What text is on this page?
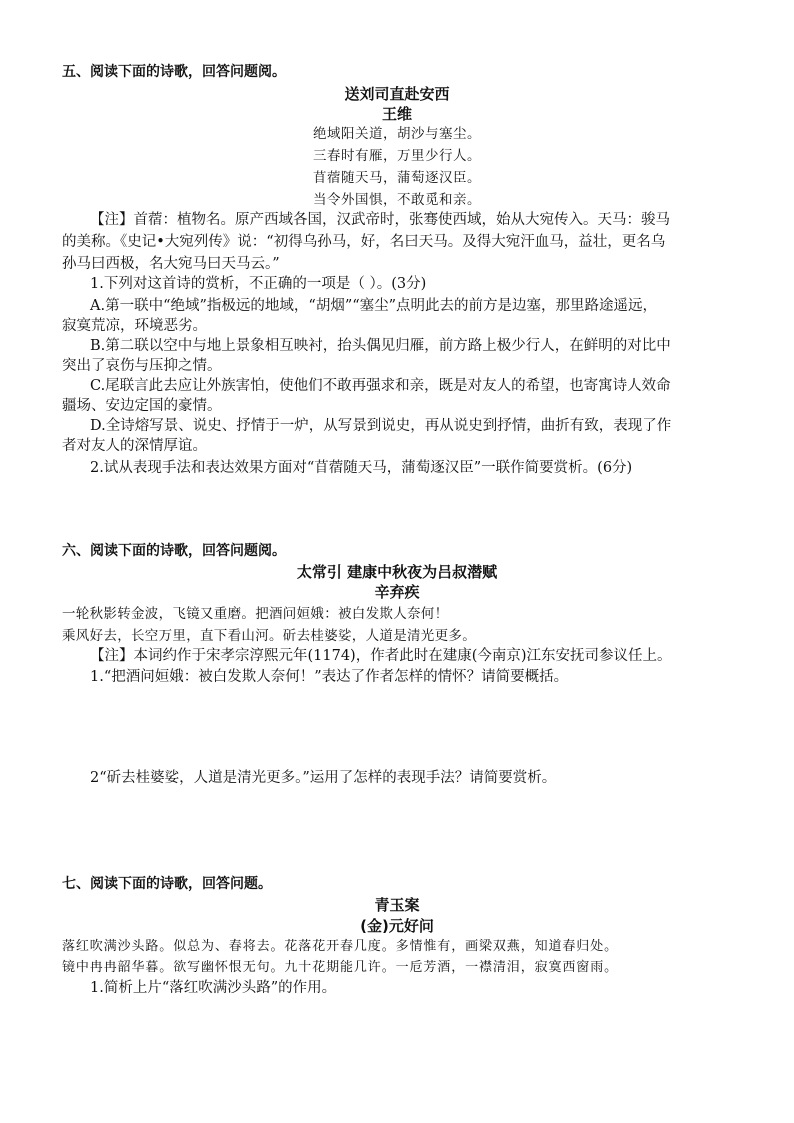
五、阅读下面的诗歌，回答问题阅。
送刘司直赴安西
王维
绝域阳关道，胡沙与塞尘。
三春时有雁，万里少行人。
苜蓿随天马，蒲萄逐汉臣。
当令外国惧，不敢觅和亲。
【注】首蓿：植物名。原产西域各国，汉武帝时，张骞使西域，始从大宛传入。天马：骏马
的美称。《史记•大宛列传》说：“初得乌孙马，好，名曰天马。及得大宛汗血马，益壮，更名乌
孙马曰西极，名大宛马曰天马云。”
1.下列对这首诗的赏析，不正确的一项是（ ）。(3分)
A.第一联中“绝域”指极远的地域，“胡烟”“塞尘”点明此去的前方是边塞，那里路途遥远，
寂寞荒凉，环境恶劣。
B.第二联以空中与地上景象相互映衬，抬头偶见归雁，前方路上极少行人，在鲜明的对比中
突出了哀伤与压抑之情。
C.尾联言此去应让外族害怕，使他们不敢再强求和亲，既是对友人的希望，也寄寓诗人效命
疆场、安边定国的豪情。
D.全诗熔写景、说史、抒情于一炉，从写景到说史，再从说史到抒情，曲折有致，表现了作
者对友人的深情厚谊。
2.试从表现手法和表达效果方面对“苜蓿随天马，蒲萄逐汉臣”一联作简要赏析。(6分)
六、阅读下面的诗歌，回答问题阅。
太常引 建康中秋夜为吕叔潜赋
辛弃疾
一轮秋影转金波，飞镜又重磨。把酒问姮娥：被白发欺人奈何！
乘风好去，长空万里，直下看山河。斫去桂婆娑，人道是清光更多。
【注】本词约作于宋孝宗淳熙元年(1174)，作者此时在建康(今南京)江东安抚司参议任上。
1.“把酒问姮娥：被白发欺人奈何！”表达了作者怎样的情怀？请简要概括。
2“斫去桂婆娑，人道是清光更多。”运用了怎样的表现手法？请简要赏析。
七、阅读下面的诗歌，回答问题。
青玉案
(金)元好问
落红吹满沙头路。似总为、春将去。花落花开春几度。多情惟有，画梁双燕，知道春归处。
镜中冉冉韶华暮。欲写幽怀恨无句。九十花期能几许。一卮芳酒，一襟清泪，寂寞西窗雨。
1.简析上片“落红吹满沙头路”的作用。
